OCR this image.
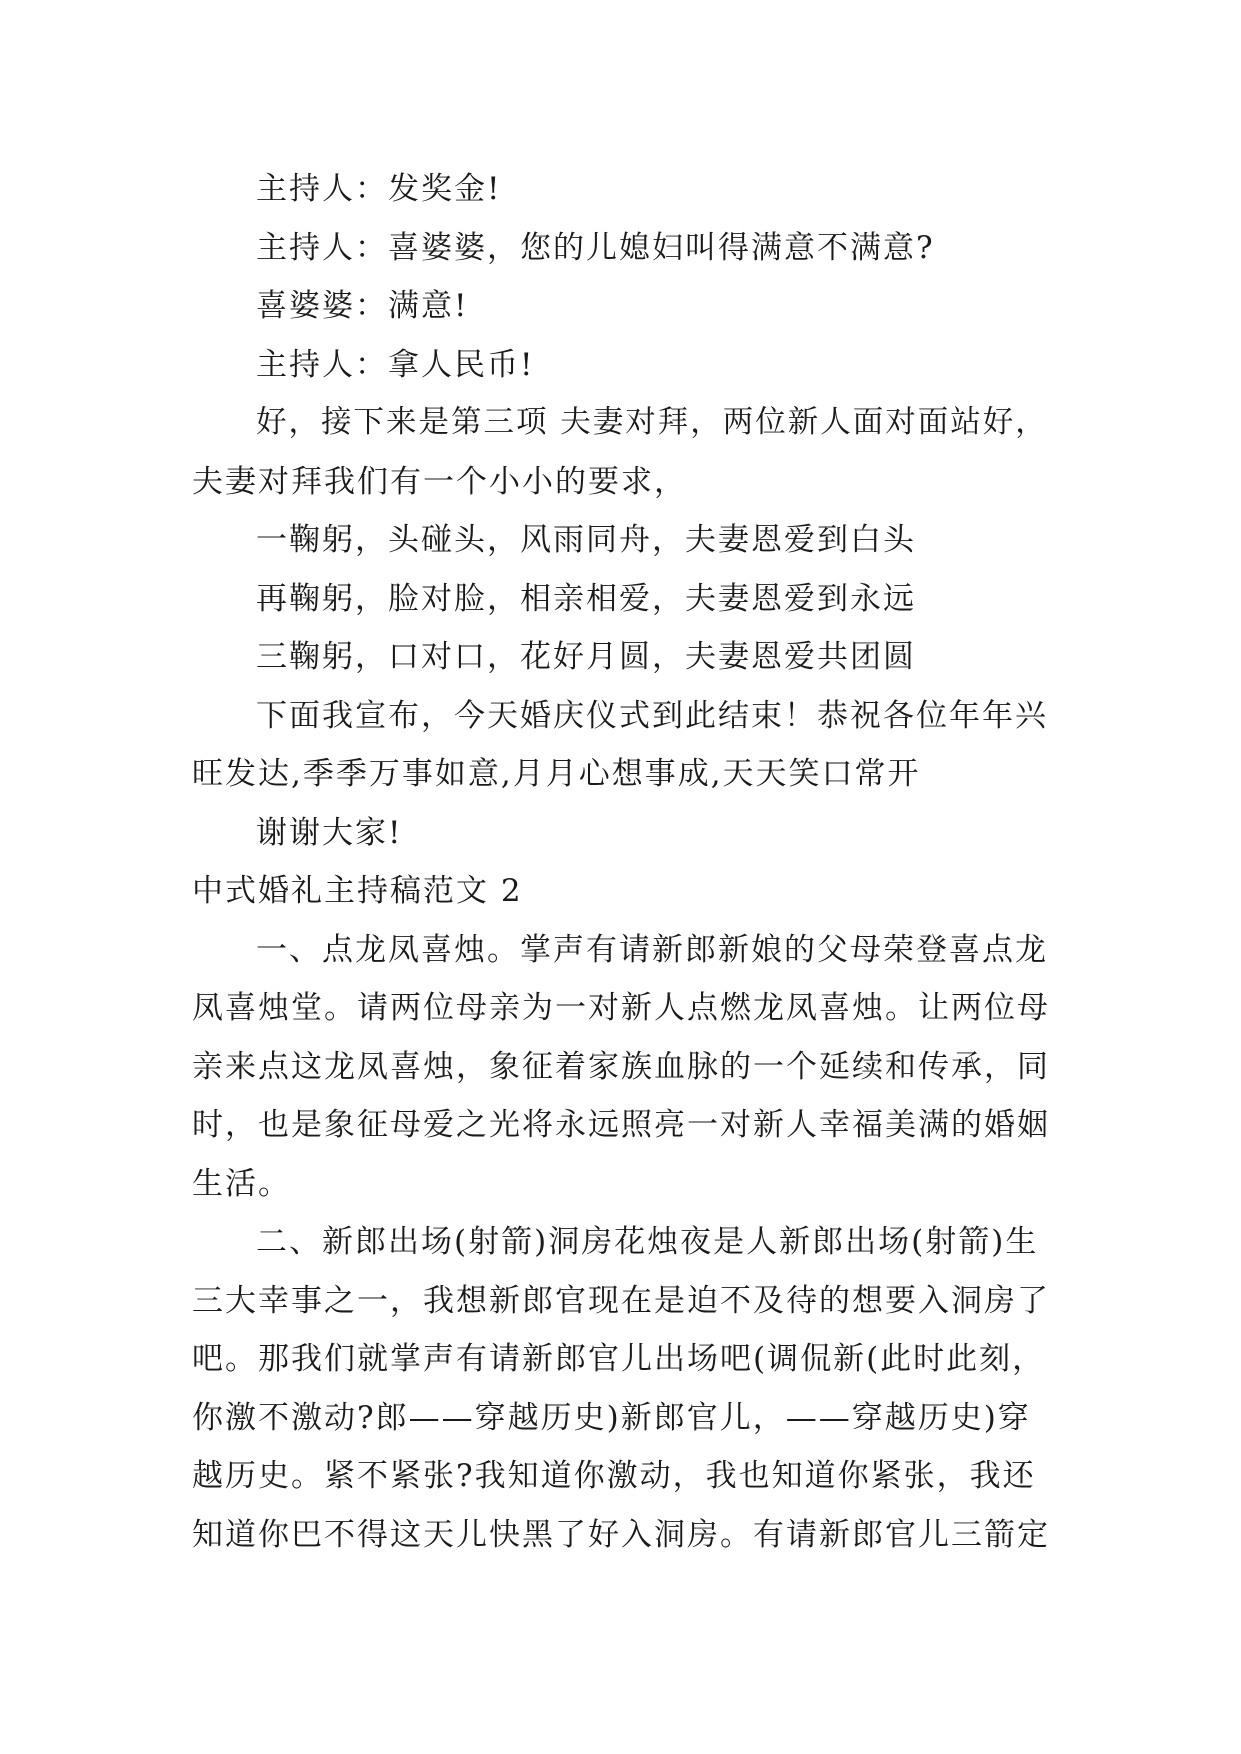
主持人：发奖金!
主持人：喜婆婆，您的儿媳妇叫得满意不满意?
喜婆婆：满意!
主持人：拿人民币!
好，接下来是第三项 夫妻对拜，两位新人面对面站好，
夫妻对拜我们有一个小小的要求，
一鞠躬，头碰头，风雨同舟，夫妻恩爱到白头
再鞠躬，脸对脸，相亲相爱，夫妻恩爱到永远
三鞠躬，口对口，花好月圆，夫妻恩爱共团圆
下面我宣布，今天婚庆仪式到此结束！恭祝各位年年兴
旺发达,季季万事如意,月月心想事成,天天笑口常开
谢谢大家!
中式婚礼主持稿范文 2
一、点龙凤喜烛。掌声有请新郎新娘的父母荣登喜点龙
凤喜烛堂。请两位母亲为一对新人点燃龙凤喜烛。让两位母
亲来点这龙凤喜烛，象征着家族血脉的一个延续和传承，同
时，也是象征母爱之光将永远照亮一对新人幸福美满的婚姻
生活。
二、新郎出场(射箭)洞房花烛夜是人新郎出场(射箭)生
三大幸事之一，我想新郎官现在是迫不及待的想要入洞房了
吧。那我们就掌声有请新郎官儿出场吧(调侃新(此时此刻，
你激不激动?郎——穿越历史)新郎官儿，——穿越历史)穿
越历史。紧不紧张?我知道你激动，我也知道你紧张，我还
知道你巴不得这天儿快黑了好入洞房。有请新郎官儿三箭定
